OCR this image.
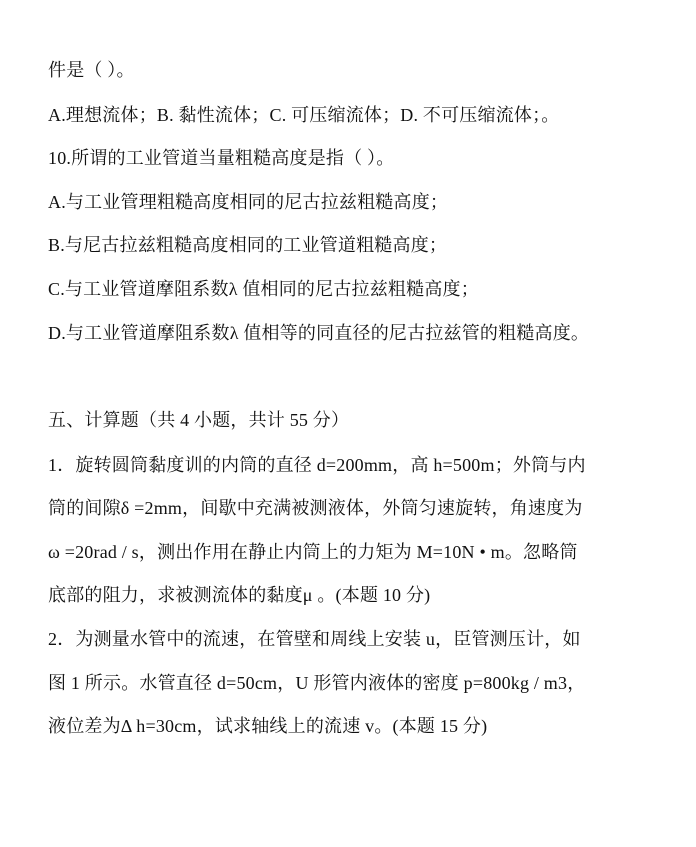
件是（ ）。
A.理想流体；B. 黏性流体；C. 可压缩流体；D. 不可压缩流体；。
10.所谓的工业管道当量粗糙高度是指（ ）。
A.与工业管理粗糙高度相同的尼古拉兹粗糙高度；
B.与尼古拉兹粗糙高度相同的工业管道粗糙高度；
C.与工业管道摩阻系数λ 值相同的尼古拉兹粗糙高度；
D.与工业管道摩阻系数λ 值相等的同直径的尼古拉兹管的粗糙高度。
五、计算题（共 4 小题，共计 55 分）
1．旋转圆筒黏度训的内筒的直径 d=200mm，高 h=500m；外筒与内
筒的间隙δ =2mm，间歇中充满被测液体，外筒匀速旋转，角速度为
ω =20rad / s，测出作用在静止内筒上的力矩为 M=10N • m。忽略筒
底部的阻力，求被测流体的黏度μ 。(本题 10 分)
2．为测量水管中的流速，在管壁和周线上安装 u，臣管测压计，如
图 1 所示。水管直径 d=50cm，U 形管内液体的密度 p=800kg / m3，
液位差为Δ h=30cm，试求轴线上的流速 v。(本题 15 分)
